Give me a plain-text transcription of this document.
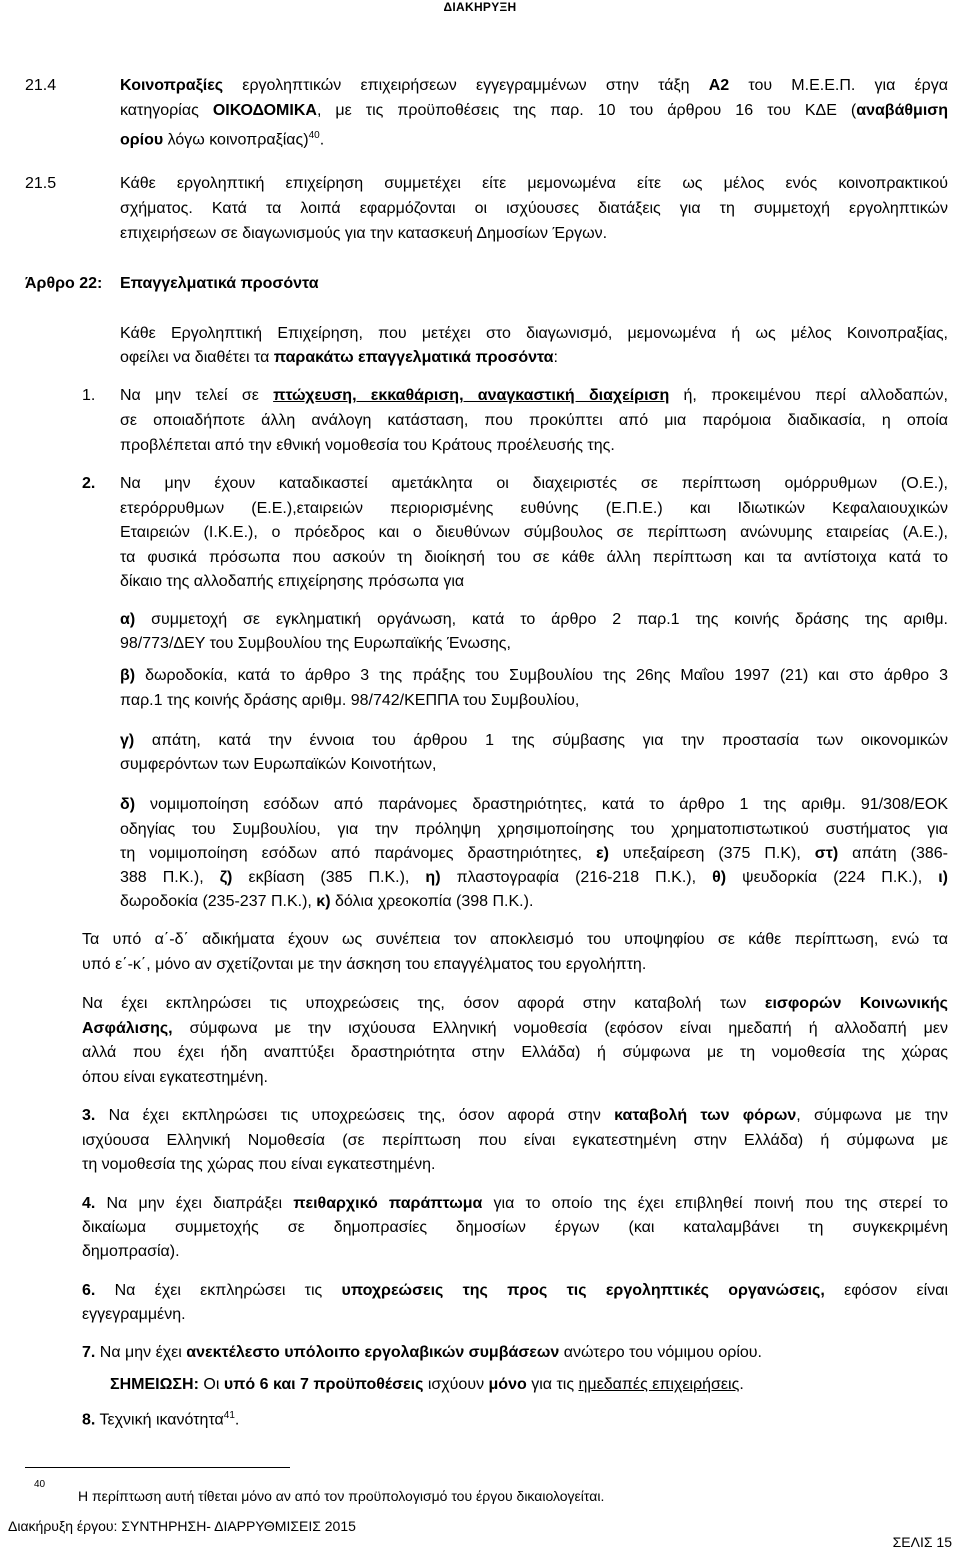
ΔΙΑΚΗΡΥΞΗ
21.4	Κοινοπραξίες εργοληπτικών επιχειρήσεων εγγεγραμμένων στην τάξη Α2 του Μ.Ε.Ε.Π. για έργα
κατηγορίας ΟΙΚΟΔΟΜΙΚΑ, με τις προϋποθέσεις της παρ. 10 του άρθρου 16 του ΚΔΕ (αναβάθμιση
ορίου λόγω κοινοπραξίας)$^{40}$.
21.5	Κάθε εργοληπτική επιχείρηση συμμετέχει είτε μεμονωμένα είτε ως μέλος ενός κοινοπρακτικού
σχήματος. Κατά τα λοιπά εφαρμόζονται οι ισχύουσες διατάξεις για τη συμμετοχή εργοληπτικών
επιχειρήσεων σε διαγωνισμούς για την κατασκευή Δημοσίων Έργων.
Άρθρο 22: Επαγγελματικά προσόντα
Κάθε Εργοληπτική Επιχείρηση, που μετέχει στο διαγωνισμό, μεμονωμένα ή ως μέλος Κοινοπραξίας,
οφείλει να διαθέτει τα παρακάτω επαγγελματικά προσόντα:
1. Να μην τελεί σε πτώχευση, εκκαθάριση, αναγκαστική διαχείριση ή, προκειμένου περί αλλοδαπών,
σε οποιαδήποτε άλλη ανάλογη κατάσταση, που προκύπτει από μια παρόμοια διαδικασία, η οποία
προβλέπεται από την εθνική νομοθεσία του Κράτους προέλευσής της.
2. Να μην έχουν καταδικαστεί αμετάκλητα οι διαχειριστές σε περίπτωση ομόρρυθμων (Ο.Ε.),
ετερόρρυθμων (Ε.Ε.),εταιρειών περιορισμένης ευθύνης (Ε.Π.Ε.) και Ιδιωτικών Κεφαλαιουχικών
Εταιρειών (Ι.Κ.Ε.), ο πρόεδρος και ο διευθύνων σύμβουλος σε περίπτωση ανώνυμης εταιρείας (Α.Ε.),
τα φυσικά πρόσωπα που ασκούν τη διοίκησή του σε κάθε άλλη περίπτωση και τα αντίστοιχα κατά το
δίκαιο της αλλοδαπής επιχείρησης πρόσωπα για
α) συμμετοχή σε εγκληματική οργάνωση, κατά το άρθρο 2 παρ.1 της κοινής δράσης της αριθμ.
98/773/ΔΕΥ του Συμβουλίου της Ευρωπαϊκής Ένωσης,
β) δωροδοκία, κατά το άρθρο 3 της πράξης του Συμβουλίου της 26ης Μαΐου 1997 (21) και στο άρθρο 3
παρ.1 της κοινής δράσης αριθμ. 98/742/ΚΕΠΠΑ του Συμβουλίου,
γ) απάτη, κατά την έννοια του άρθρου 1 της σύμβασης για την προστασία των οικονομικών
συμφερόντων των Ευρωπαϊκών Κοινοτήτων,
δ) νομιμοποίηση εσόδων από παράνομες δραστηριότητες, κατά το άρθρο 1 της αριθμ. 91/308/ΕΟΚ
οδηγίας του Συμβουλίου, για την πρόληψη χρησιμοποίησης του χρηματοπιστωτικού συστήματος για
τη νομιμοποίηση εσόδων από παράνομες δραστηριότητες, ε) υπεξαίρεση (375 Π.Κ), στ) απάτη (386-
388 Π.Κ.), ζ) εκβίαση (385 Π.Κ.), η) πλαστογραφία (216-218 Π.Κ.), θ) ψευδορκία (224 Π.Κ.), ι)
δωροδοκία (235-237 Π.Κ.), κ) δόλια χρεοκοπία (398 Π.Κ.).
Τα υπό α΄-δ΄ αδικήματα έχουν ως συνέπεια τον αποκλεισμό του υποψηφίου σε κάθε περίπτωση, ενώ τα
υπό ε΄-κ΄, μόνο αν σχετίζονται με την άσκηση του επαγγέλματος του εργολήπτη.
Να έχει εκπληρώσει τις υποχρεώσεις της, όσον αφορά στην καταβολή των εισφορών Κοινωνικής
Ασφάλισης, σύμφωνα με την ισχύουσα Ελληνική νομοθεσία (εφόσον είναι ημεδαπή ή αλλοδαπή μεν
αλλά που έχει ήδη αναπτύξει δραστηριότητα στην Ελλάδα) ή σύμφωνα με τη νομοθεσία της χώρας
όπου είναι εγκατεστημένη.
3. Να έχει εκπληρώσει τις υποχρεώσεις της, όσον αφορά στην καταβολή των φόρων, σύμφωνα με την
ισχύουσα Ελληνική Νομοθεσία (σε περίπτωση που είναι εγκατεστημένη στην Ελλάδα) ή σύμφωνα με
τη νομοθεσία της χώρας που είναι εγκατεστημένη.
4. Να μην έχει διαπράξει πειθαρχικό παράπτωμα για το οποίο της έχει επιβληθεί ποινή που της στερεί το
δικαίωμα συμμετοχής σε δημοπρασίες δημοσίων έργων (και καταλαμβάνει τη συγκεκριμένη
δημοπρασία).
6. Να έχει εκπληρώσει τις υποχρεώσεις της προς τις εργοληπτικές οργανώσεις, εφόσον είναι
εγγεγραμμένη.
7. Να μην έχει ανεκτέλεστο υπόλοιπο εργολαβικών συμβάσεων ανώτερο του νόμιμου ορίου.
ΣΗΜΕΙΩΣΗ: Οι υπό 6 και 7 προϋποθέσεις ισχύουν μόνο για τις ημεδαπές επιχειρήσεις.
8. Τεχνική ικανότητα$^{41}$.
40
Η περίπτωση αυτή τίθεται μόνο αν από τον προϋπολογισμό του έργου δικαιολογείται.
Διακήρυξη έργου: ΣΥΝΤΗΡΗΣΗ- ΔΙΑΡΡΥΘΜΙΣΕΙΣ 2015
ΣΕΛΙΣ 15
